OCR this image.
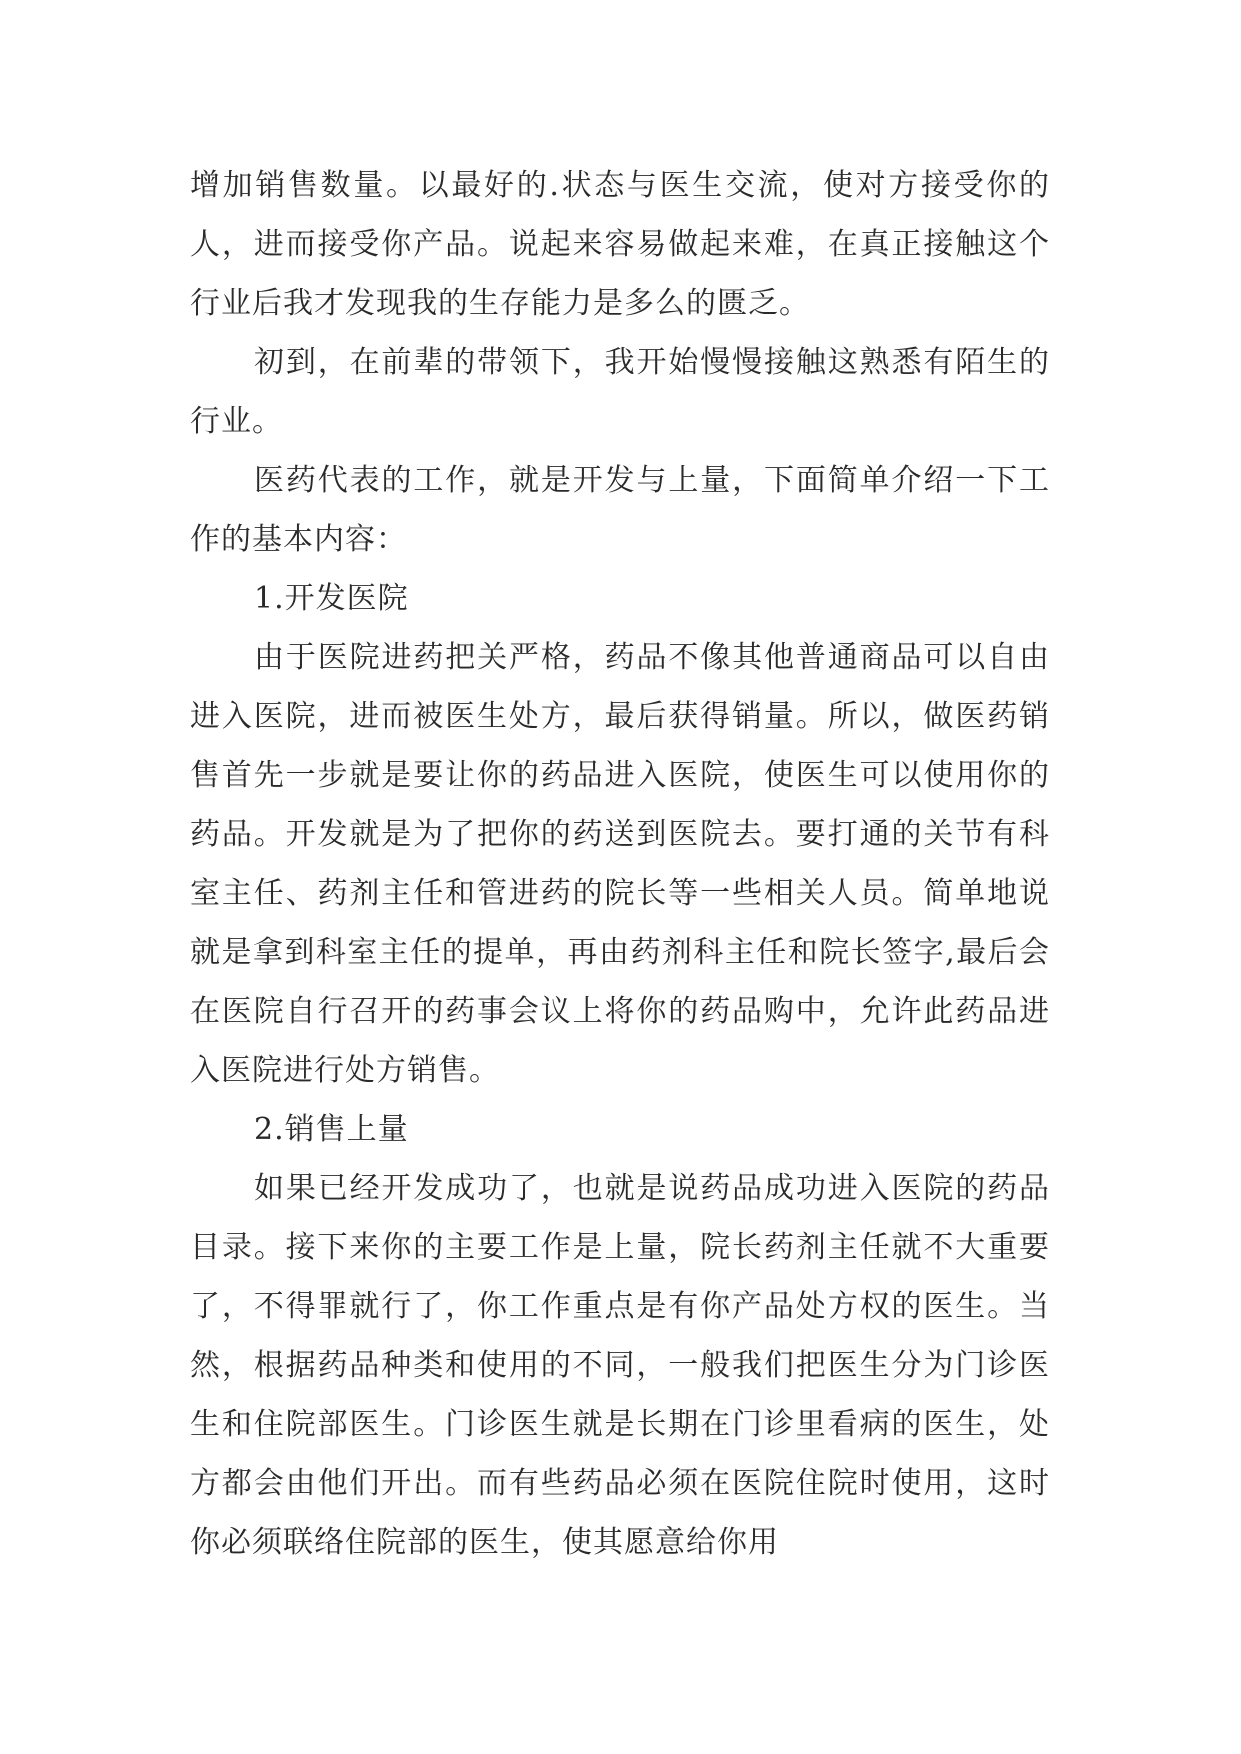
增加销售数量。以最好的.状态与医生交流，使对方接受你的人，进而接受你产品。说起来容易做起来难，在真正接触这个行业后我才发现我的生存能力是多么的匮乏。

初到，在前辈的带领下，我开始慢慢接触这熟悉有陌生的行业。

医药代表的工作，就是开发与上量，下面简单介绍一下工作的基本内容：

1.开发医院

由于医院进药把关严格，药品不像其他普通商品可以自由进入医院，进而被医生处方，最后获得销量。所以，做医药销售首先一步就是要让你的药品进入医院，使医生可以使用你的药品。开发就是为了把你的药送到医院去。要打通的关节有科室主任、药剂主任和管进药的院长等一些相关人员。简单地说就是拿到科室主任的提单，再由药剂科主任和院长签字,最后会在医院自行召开的药事会议上将你的药品购中，允许此药品进入医院进行处方销售。

2.销售上量

如果已经开发成功了，也就是说药品成功进入医院的药品目录。接下来你的主要工作是上量，院长药剂主任就不大重要了，不得罪就行了，你工作重点是有你产品处方权的医生。当然，根据药品种类和使用的不同，一般我们把医生分为门诊医生和住院部医生。门诊医生就是长期在门诊里看病的医生，处方都会由他们开出。而有些药品必须在医院住院时使用，这时你必须联络住院部的医生，使其愿意给你用
